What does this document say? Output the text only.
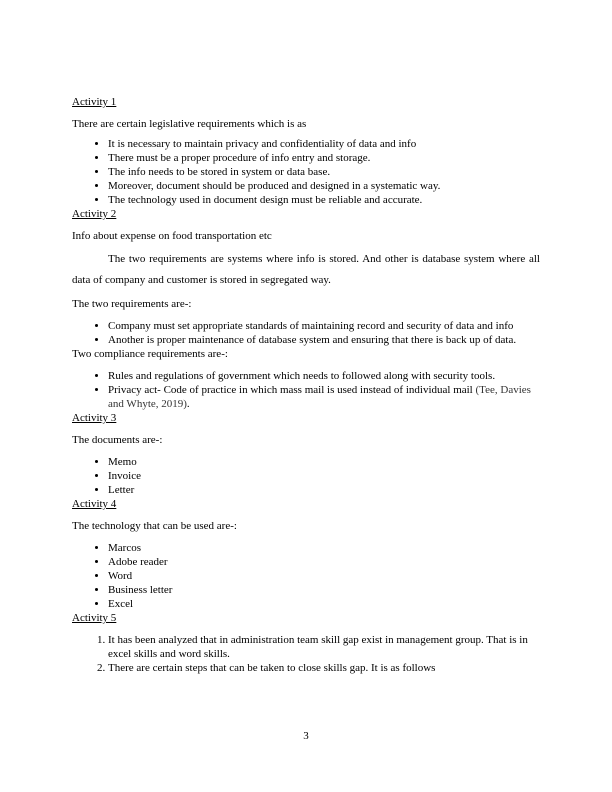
Activity 1

There are certain legislative requirements which is as

• It is necessary to maintain privacy and confidentiality of data and info
• There must be a proper procedure of info entry and storage.
• The info needs to be stored in system or data base.
• Moreover, document should be produced and designed in a systematic way.
• The technology used in document design must be reliable and accurate.

Activity 2

Info about expense on food transportation etc

The two requirements are systems where info is stored. And other is database system where all data of company and customer is stored in segregated way.

The two requirements are-:

• Company must set appropriate standards of maintaining record and security of data and info
• Another is proper maintenance of database system and ensuring that there is back up of data.

Two compliance requirements are-:

• Rules and regulations of government which needs to followed along with security tools.
• Privacy act- Code of practice in which mass mail is used instead of individual mail (Tee, Davies and Whyte, 2019).

Activity 3

The documents are-:

• Memo
• Invoice
• Letter

Activity 4

The technology that can be used are-:

• Marcos
• Adobe reader
• Word
• Business letter
• Excel

Activity 5

1. It has been analyzed that in administration team skill gap exist in management group. That is in excel skills and word skills.
2. There are certain steps that can be taken to close skills gap. It is as follows
3
